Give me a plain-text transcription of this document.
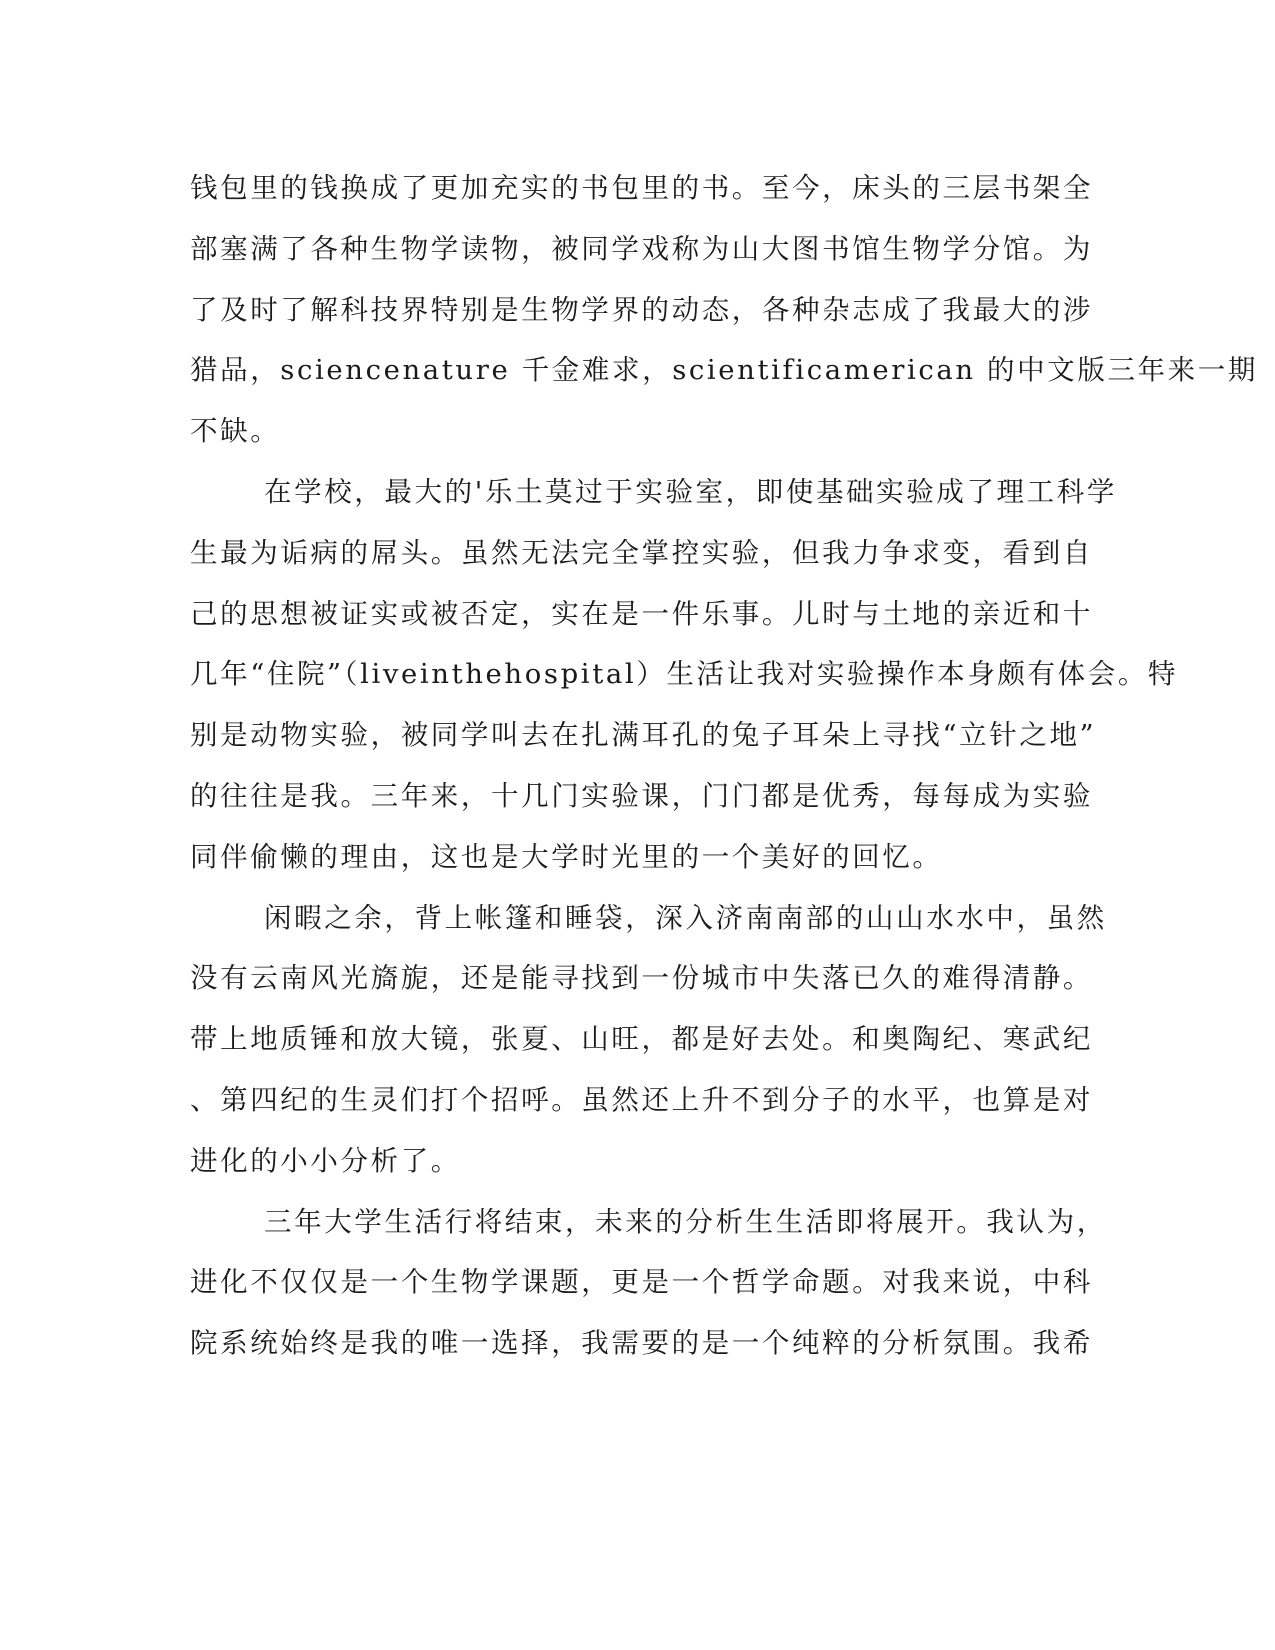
钱包里的钱换成了更加充实的书包里的书。至今，床头的三层书架全
部塞满了各种生物学读物，被同学戏称为山大图书馆生物学分馆。为
了及时了解科技界特别是生物学界的动态，各种杂志成了我最大的涉
猎品，sciencenature 千金难求，scientificamerican 的中文版三年来一期
不缺。
在学校，最大的'乐土莫过于实验室，即使基础实验成了理工科学
生最为诟病的屌头。虽然无法完全掌控实验，但我力争求变，看到自
己的思想被证实或被否定，实在是一件乐事。儿时与土地的亲近和十
几年“住院”（liveinthehospital）生活让我对实验操作本身颇有体会。特
别是动物实验，被同学叫去在扎满耳孔的兔子耳朵上寻找“立针之地”
的往往是我。三年来，十几门实验课，门门都是优秀，每每成为实验
同伴偷懒的理由，这也是大学时光里的一个美好的回忆。
闲暇之余，背上帐篷和睡袋，深入济南南部的山山水水中，虽然
没有云南风光旖旎，还是能寻找到一份城市中失落已久的难得清静。
带上地质锤和放大镜，张夏、山旺，都是好去处。和奥陶纪、寒武纪
、第四纪的生灵们打个招呼。虽然还上升不到分子的水平，也算是对
进化的小小分析了。
三年大学生活行将结束，未来的分析生生活即将展开。我认为，
进化不仅仅是一个生物学课题，更是一个哲学命题。对我来说，中科
院系统始终是我的唯一选择，我需要的是一个纯粹的分析氛围。我希
